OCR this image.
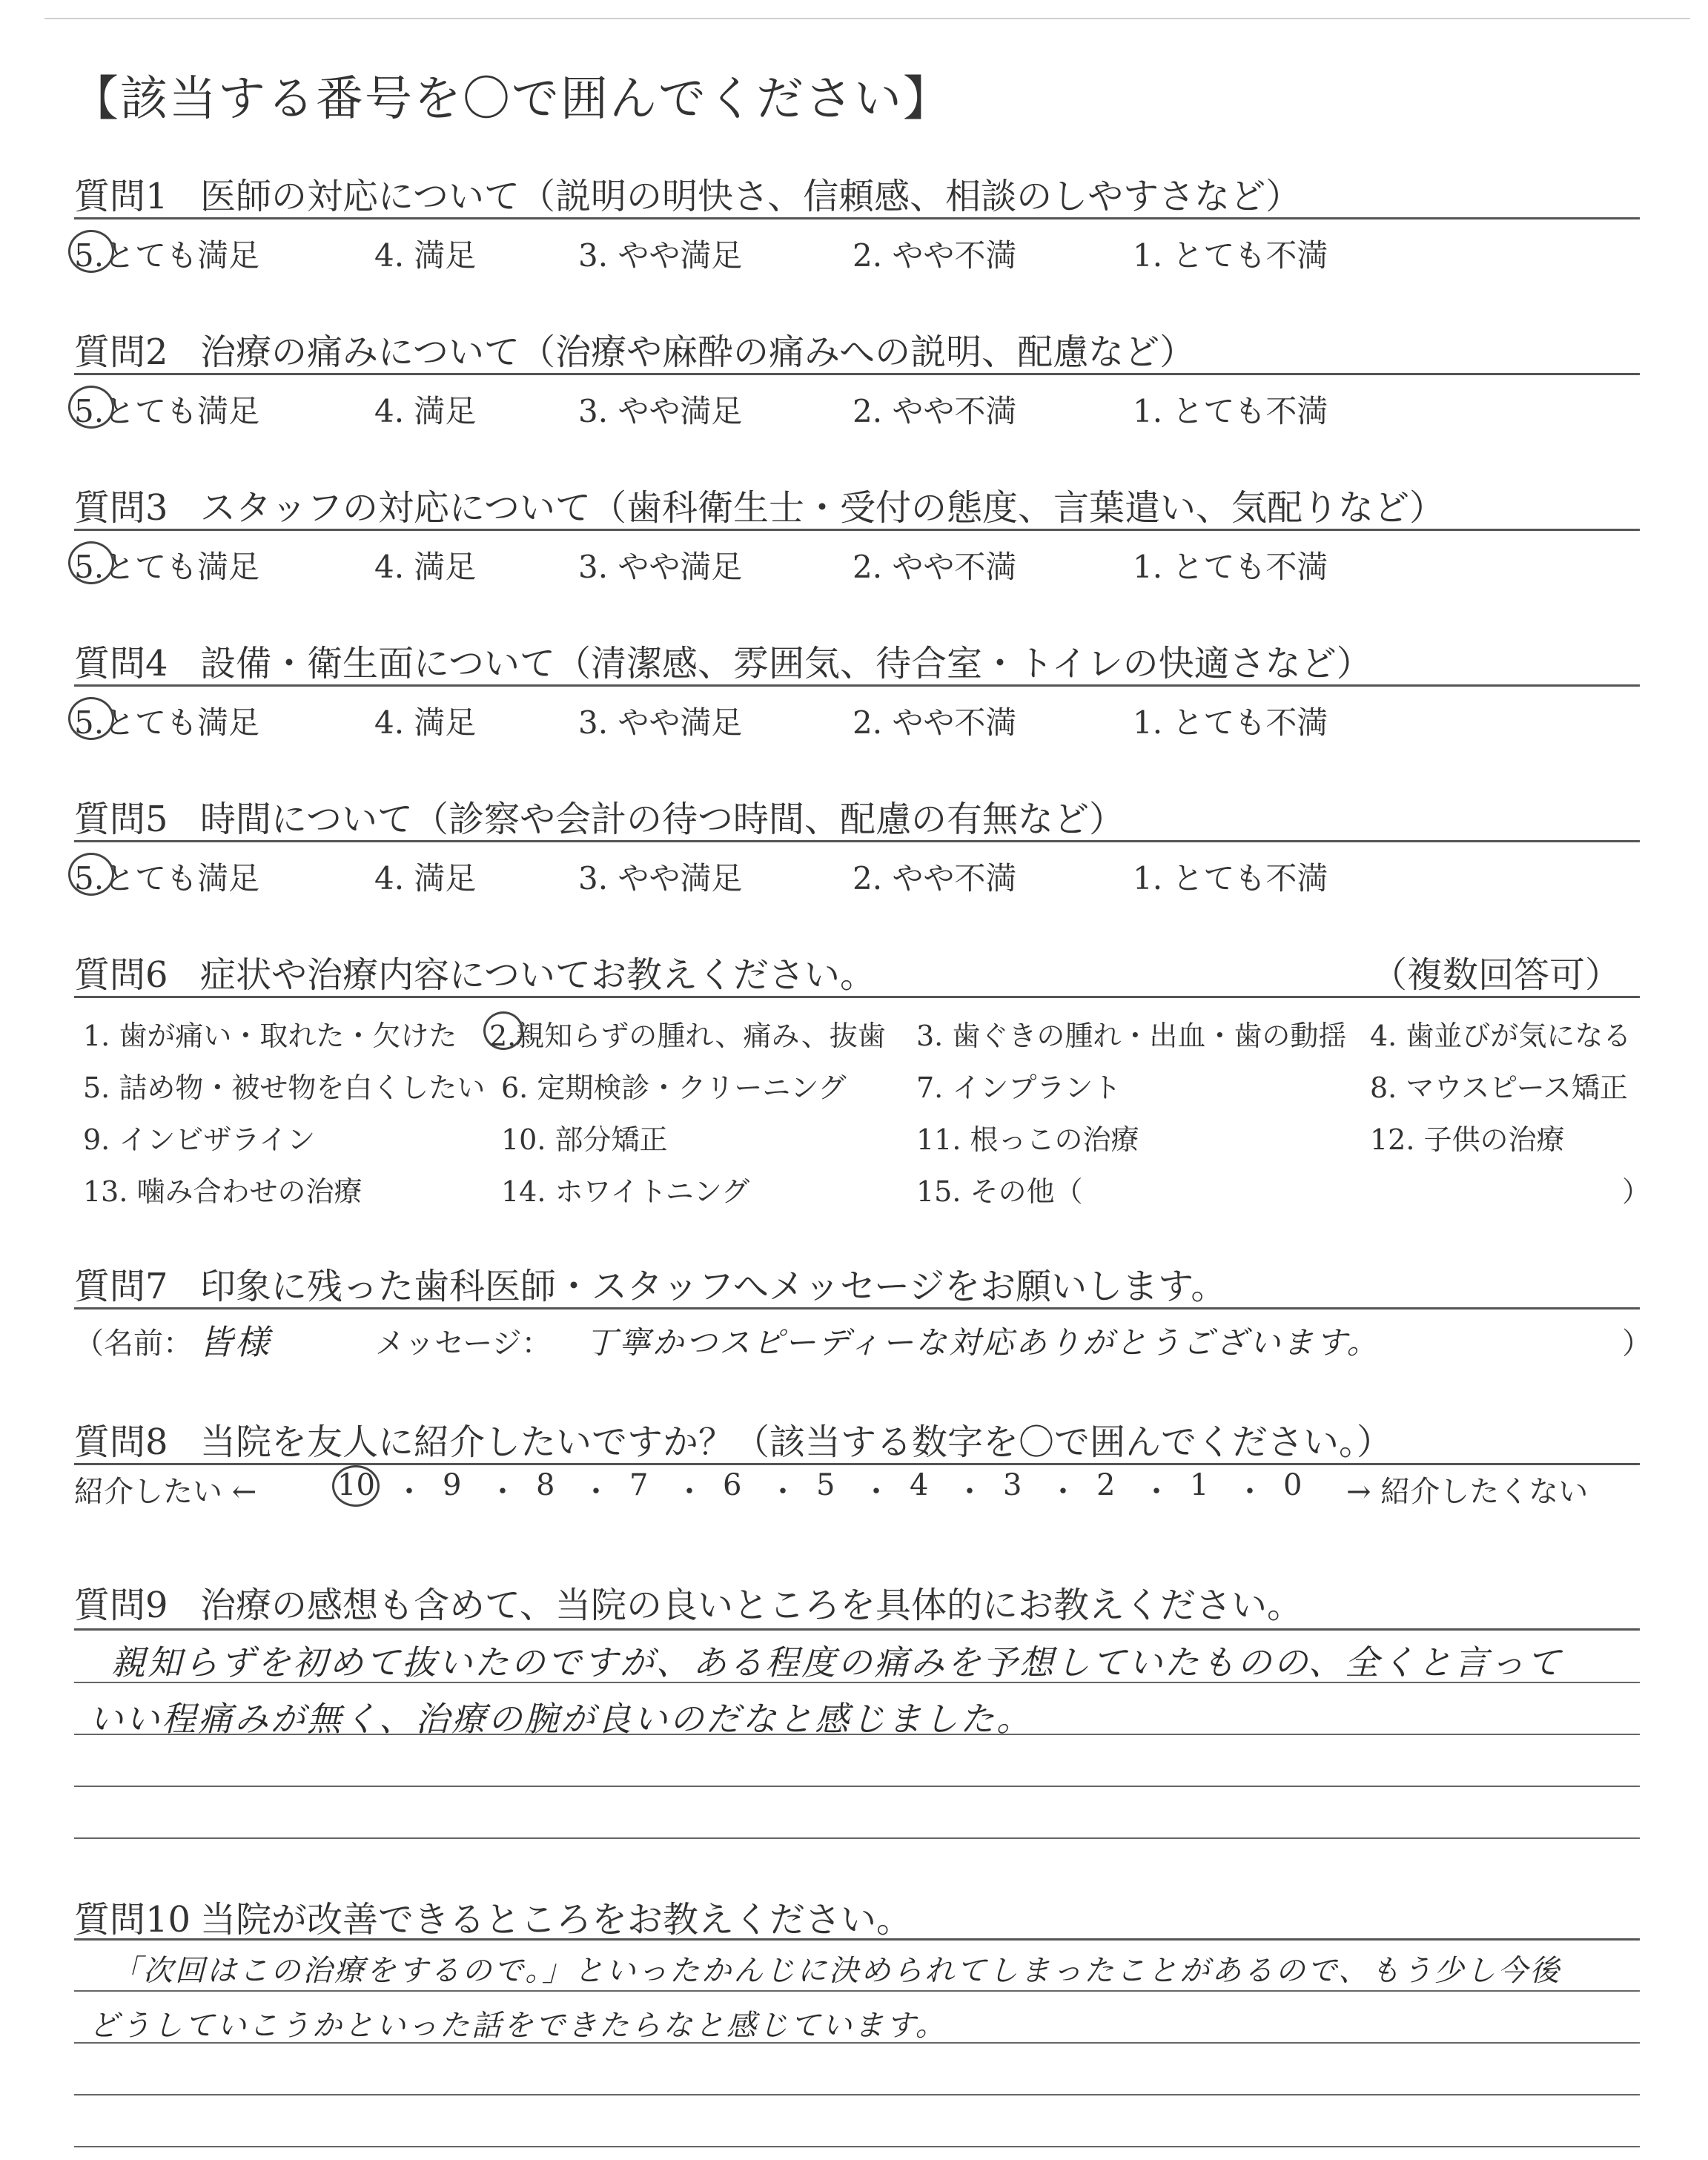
【該当する番号を〇で囲んでください】
質問1 医師の対応について（説明の明快さ、信頼感、相談のしやすさなど）
5.とても満足	4. 満足	3. やや満足	2. やや不満	1. とても不満
質問2 治療の痛みについて（治療や麻酔の痛みへの説明、配慮など）
5.とても満足	4. 満足	3. やや満足	2. やや不満	1. とても不満
質問3 スタッフの対応について（歯科衛生士・受付の態度、言葉遣い、気配りなど）
5.とても満足	4. 満足	3. やや満足	2. やや不満	1. とても不満
質問4 設備・衛生面について（清潔感、雰囲気、待合室・トイレの快適さなど）
5.とても満足	4. 満足	3. やや満足	2. やや不満	1. とても不満
質問5 時間について（診察や会計の待つ時間、配慮の有無など）
5.とても満足	4. 満足	3. やや満足	2. やや不満	1. とても不満
質問6 症状や治療内容についてお教えください。	（複数回答可）
1. 歯が痛い・取れた・欠けた 2.親知らずの腫れ、痛み、抜歯 3. 歯ぐきの腫れ・出血・歯の動揺 4. 歯並びが気になる
5. 詰め物・被せ物を白くしたい 6. 定期検診・クリーニング 7. インプラント	8. マウスピース矯正
9. インビザライン	10. 部分矯正	11. 根っこの治療	12. 子供の治療
13. 噛み合わせの治療	14. ホワイトニング	15. その他（	）
質問7 印象に残った歯科医師・スタッフへメッセージをお願いします。
（名前： 皆様	メッセージ： 丁寧かつスピーディーな対応ありがとうございます。	）
質問8 当院を友人に紹介したいですか？（該当する数字を〇で囲んでください。）
紹介したい ←	10 ・ 9 ・ 8 ・ 7 ・ 6 ・ 5 ・ 4 ・ 3 ・ 2 ・ 1 ・ 0 → 紹介したくない
質問9 治療の感想も含めて、当院の良いところを具体的にお教えください。
親知らずを初めて抜いたのですが、ある程度の痛みを予想していたものの、全くと言って
いい程痛みが無く、治療の腕が良いのだなと感じました。
質問10 当院が改善できるところをお教えください。
「次回はこの治療をするので。」といったかんじに決められてしまったことがあるので、もう少し今後
どうしていこうかといった話をできたらなと感じています。
